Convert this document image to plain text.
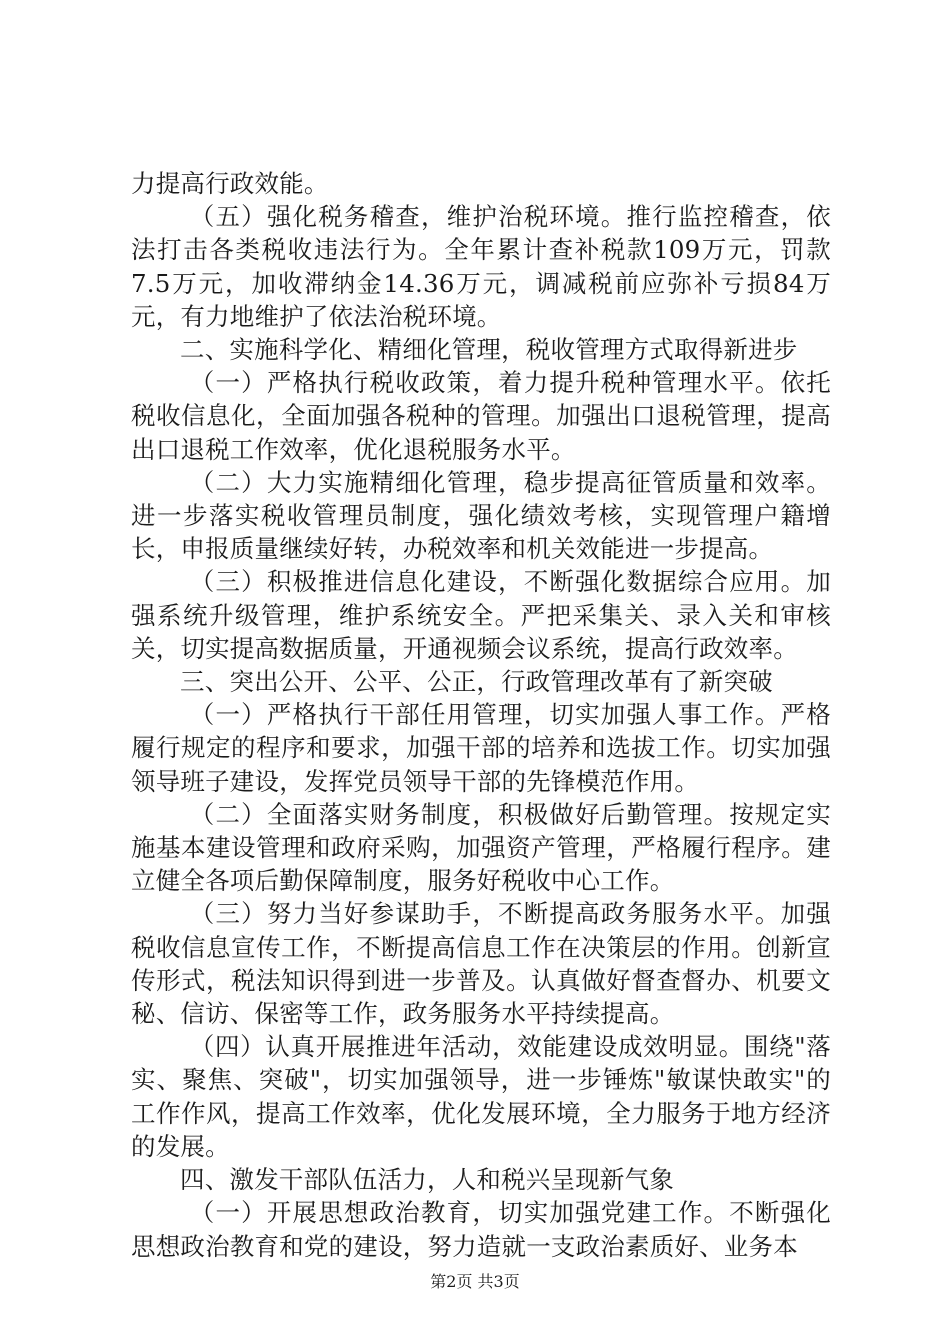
力提高行政效能。

（五）强化税务稽查，维护治税环境。推行监控稽查，依法打击各类税收违法行为。全年累计查补税款109万元，罚款7.5万元，加收滞纳金14.36万元，调减税前应弥补亏损84万元，有力地维护了依法治税环境。

二、实施科学化、精细化管理，税收管理方式取得新进步

（一）严格执行税收政策，着力提升税种管理水平。依托税收信息化，全面加强各税种的管理。加强出口退税管理，提高出口退税工作效率，优化退税服务水平。

（二）大力实施精细化管理，稳步提高征管质量和效率。进一步落实税收管理员制度，强化绩效考核，实现管理户籍增长，申报质量继续好转，办税效率和机关效能进一步提高。

（三）积极推进信息化建设，不断强化数据综合应用。加强系统升级管理，维护系统安全。严把采集关、录入关和审核关，切实提高数据质量，开通视频会议系统，提高行政效率。

三、突出公开、公平、公正，行政管理改革有了新突破

（一）严格执行干部任用管理，切实加强人事工作。严格履行规定的程序和要求，加强干部的培养和选拔工作。切实加强领导班子建设，发挥党员领导干部的先锋模范作用。

（二）全面落实财务制度，积极做好后勤管理。按规定实施基本建设管理和政府采购，加强资产管理，严格履行程序。建立健全各项后勤保障制度，服务好税收中心工作。

（三）努力当好参谋助手，不断提高政务服务水平。加强税收信息宣传工作，不断提高信息工作在决策层的作用。创新宣传形式，税法知识得到进一步普及。认真做好督查督办、机要文秘、信访、保密等工作，政务服务水平持续提高。

（四）认真开展推进年活动，效能建设成效明显。围绕"落实、聚焦、突破"，切实加强领导，进一步锤炼"敏谋快敢实"的工作作风，提高工作效率，优化发展环境，全力服务于地方经济的发展。

四、激发干部队伍活力，人和税兴呈现新气象

（一）开展思想政治教育，切实加强党建工作。不断强化思想政治教育和党的建设，努力造就一支政治素质好、业务本

第2页 共3页
